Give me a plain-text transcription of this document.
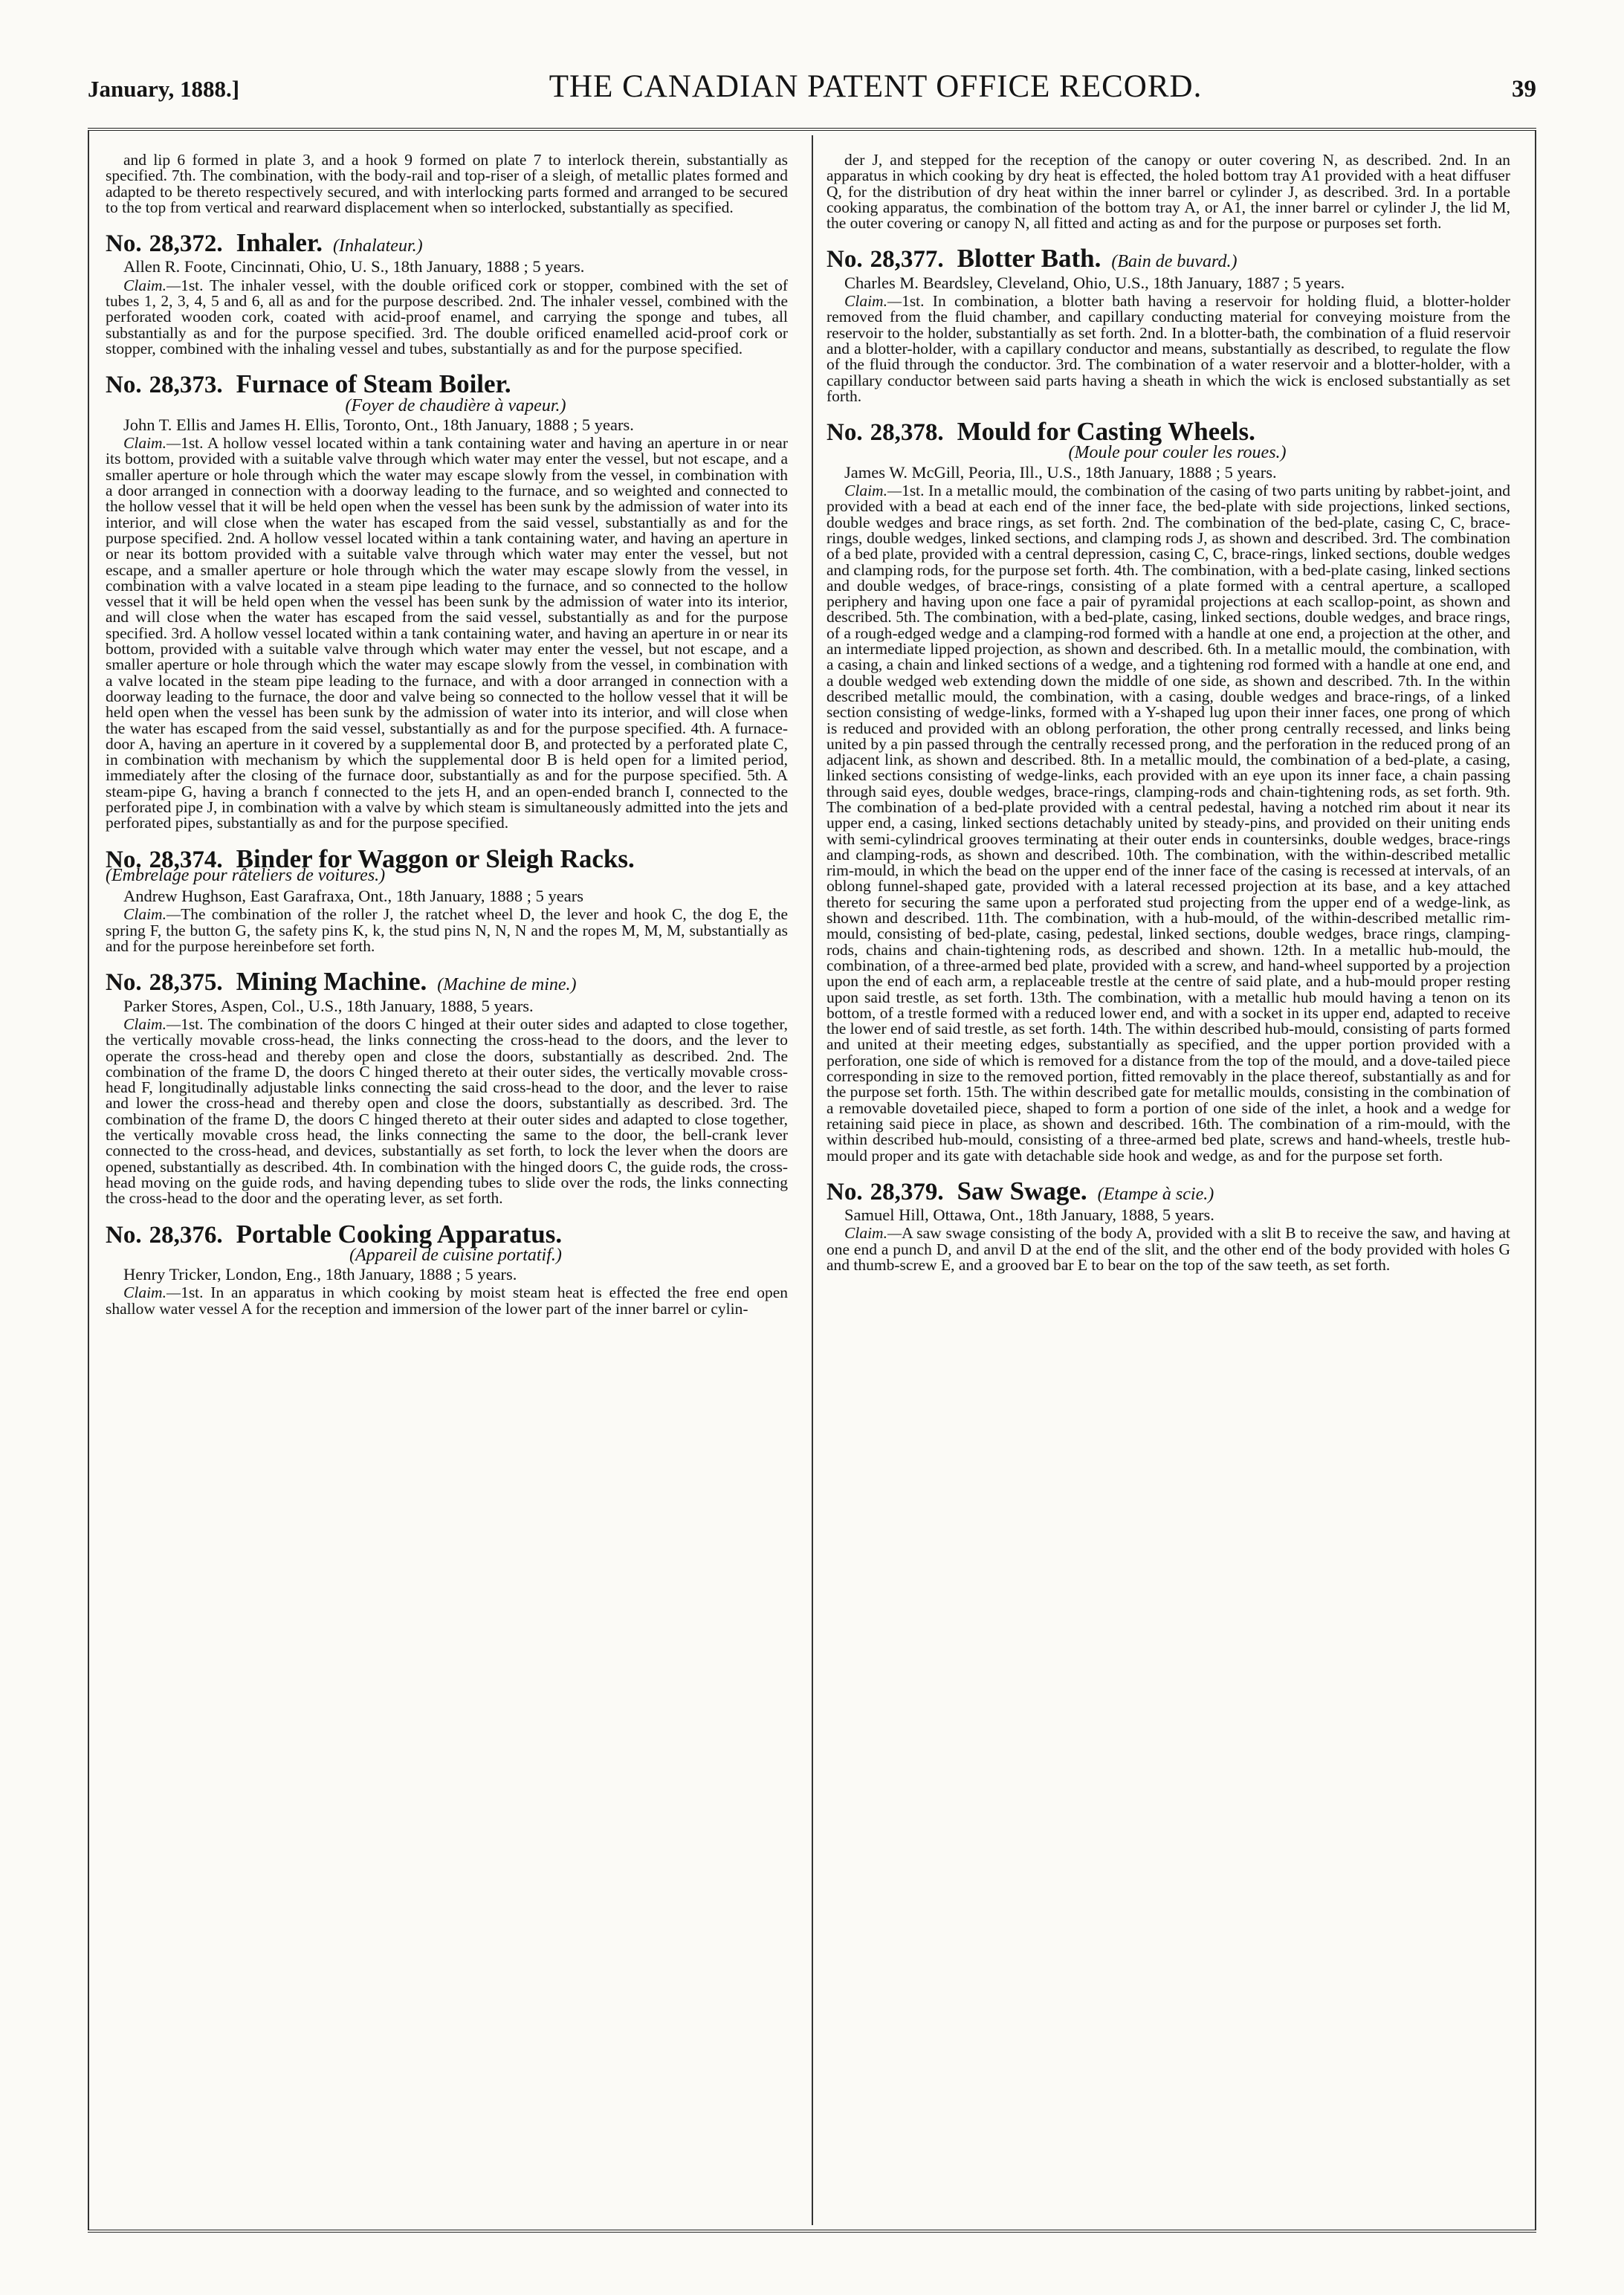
January, 1888.]	THE CANADIAN PATENT OFFICE RECORD.	39

and lip 6 formed in plate 3, and a hook 9 formed on plate 7 to interlock therein, substantially as specified. 7th. The combination, with the body-rail and top-riser of a sleigh, of metallic plates formed and adapted to be thereto respectively secured, and with interlocking parts formed and arranged to be secured to the top from vertical and rearward displacement when so interlocked, substantially as specified.

No. 28,372. Inhaler. (Inhalateur.)

Allen R. Foote, Cincinnati, Ohio, U. S., 18th January, 1888 ; 5 years.

Claim.—1st. The inhaler vessel, with the double orificed cork or stopper, combined with the set of tubes 1, 2, 3, 4, 5 and 6, all as and for the purpose described. 2nd. The inhaler vessel, combined with the perforated wooden cork, coated with acid-proof enamel, and carrying the sponge and tubes, all substantially as and for the purpose specified. 3rd. The double orificed enamelled acid-proof cork or stopper, combined with the inhaling vessel and tubes, substantially as and for the purpose specified.

No. 28,373. Furnace of Steam Boiler.

(Foyer de chaudière à vapeur.)

John T. Ellis and James H. Ellis, Toronto, Ont., 18th January, 1888 ; 5 years.

Claim.—1st. A hollow vessel located within a tank containing water and having an aperture in or near its bottom, provided with a suitable valve through which water may enter the vessel, but not escape, and a smaller aperture or hole through which the water may escape slowly from the vessel, in combination with a door arranged in connection with a doorway leading to the furnace, and so weighted and connected to the hollow vessel that it will be held open when the vessel has been sunk by the admission of water into its interior, and will close when the water has escaped from the said vessel, substantially as and for the purpose specified. 2nd. A hollow vessel located within a tank containing water, and having an aperture in or near its bottom provided with a suitable valve through which water may enter the vessel, but not escape, and a smaller aperture or hole through which the water may escape slowly from the vessel, in combination with a valve located in a steam pipe leading to the furnace, and so connected to the hollow vessel that it will be held open when the vessel has been sunk by the admission of water into its interior, and will close when the water has escaped from the said vessel, substantially as and for the purpose specified. 3rd. A hollow vessel located within a tank containing water, and having an aperture in or near its bottom, provided with a suitable valve through which water may enter the vessel, but not escape, and a smaller aperture or hole through which the water may escape slowly from the vessel, in combination with a valve located in the steam pipe leading to the furnace, and with a door arranged in connection with a doorway leading to the furnace, the door and valve being so connected to the hollow vessel that it will be held open when the vessel has been sunk by the admission of water into its interior, and will close when the water has escaped from the said vessel, substantially as and for the purpose specified. 4th. A furnace-door A, having an aperture in it covered by a supplemental door B, and protected by a perforated plate C, in combination with mechanism by which the supplemental door B is held open for a limited period, immediately after the closing of the furnace door, substantially as and for the purpose specified. 5th. A steam-pipe G, having a branch f connected to the jets H, and an open-ended branch I, connected to the perforated pipe J, in combination with a valve by which steam is simultaneously admitted into the jets and perforated pipes, substantially as and for the purpose specified.

No. 28,374. Binder for Waggon or Sleigh Racks.
(Embrelage pour râteliers de voitures.)

Andrew Hughson, East Garafraxa, Ont., 18th January, 1888 ; 5 years

Claim.—The combination of the roller J, the ratchet wheel D, the lever and hook C, the dog E, the spring F, the button G, the safety pins K, k, the stud pins N, N, N and the ropes M, M, M, substantially as and for the purpose hereinbefore set forth.

No. 28,375. Mining Machine. (Machine de mine.)

Parker Stores, Aspen, Col., U.S., 18th January, 1888, 5 years.

Claim.—1st. The combination of the doors C hinged at their outer sides and adapted to close together, the vertically movable cross-head, the links connecting the cross-head to the doors, and the lever to operate the cross-head and thereby open and close the doors, substantially as described. 2nd. The combination of the frame D, the doors C hinged thereto at their outer sides, the vertically movable cross-head F, longitudinally adjustable links connecting the said cross-head to the door, and the lever to raise and lower the cross-head and thereby open and close the doors, substantially as described. 3rd. The combination of the frame D, the doors C hinged thereto at their outer sides and adapted to close together, the vertically movable cross head, the links connecting the same to the door, the bell-crank lever connected to the cross-head, and devices, substantially as set forth, to lock the lever when the doors are opened, substantially as described. 4th. In combination with the hinged doors C, the guide rods, the cross-head moving on the guide rods, and having depending tubes to slide over the rods, the links connecting the cross-head to the door and the operating lever, as set forth.

No. 28,376. Portable Cooking Apparatus.

(Appareil de cuisine portatif.)

Henry Tricker, London, Eng., 18th January, 1888 ; 5 years.

Claim.—1st. In an apparatus in which cooking by moist steam heat is effected the free end open shallow water vessel A for the reception and immersion of the lower part of the inner barrel or cylin-

der J, and stepped for the reception of the canopy or outer covering N, as described. 2nd. In an apparatus in which cooking by dry heat is effected, the holed bottom tray A1 provided with a heat diffuser Q, for the distribution of dry heat within the inner barrel or cylinder J, as described. 3rd. In a portable cooking apparatus, the combination of the bottom tray A, or A1, the inner barrel or cylinder J, the lid M, the outer covering or canopy N, all fitted and acting as and for the purpose or purposes set forth.

No. 28,377. Blotter Bath. (Bain de buvard.)

Charles M. Beardsley, Cleveland, Ohio, U.S., 18th January, 1887 ; 5 years.

Claim.—1st. In combination, a blotter bath having a reservoir for holding fluid, a blotter-holder removed from the fluid chamber, and capillary conducting material for conveying moisture from the reservoir to the holder, substantially as set forth. 2nd. In a blotter-bath, the combination of a fluid reservoir and a blotter-holder, with a capillary conductor and means, substantially as described, to regulate the flow of the fluid through the conductor. 3rd. The combination of a water reservoir and a blotter-holder, with a capillary conductor between said parts having a sheath in which the wick is enclosed substantially as set forth.

No. 28,378. Mould for Casting Wheels.

(Moule pour couler les roues.)

James W. McGill, Peoria, Ill., U.S., 18th January, 1888 ; 5 years.

Claim.—1st. In a metallic mould, the combination of the casing of two parts uniting by rabbet-joint, and provided with a bead at each end of the inner face, the bed-plate with side projections, linked sections, double wedges and brace rings, as set forth. 2nd. The combination of the bed-plate, casing C, C, brace-rings, double wedges, linked sections, and clamping rods J, as shown and described. 3rd. The combination of a bed plate, provided with a central depression, casing C, C, brace-rings, linked sections, double wedges and clamping rods, for the purpose set forth. 4th. The combination, with a bed-plate casing, linked sections and double wedges, of brace-rings, consisting of a plate formed with a central aperture, a scalloped periphery and having upon one face a pair of pyramidal projections at each scallop-point, as shown and described. 5th. The combination, with a bed-plate, casing, linked sections, double wedges, and brace rings, of a rough-edged wedge and a clamping-rod formed with a handle at one end, a projection at the other, and an intermediate lipped projection, as shown and described. 6th. In a metallic mould, the combination, with a casing, a chain and linked sections of a wedge, and a tightening rod formed with a handle at one end, and a double wedged web extending down the middle of one side, as shown and described. 7th. In the within described metallic mould, the combination, with a casing, double wedges and brace-rings, of a linked section consisting of wedge-links, formed with a Y-shaped lug upon their inner faces, one prong of which is reduced and provided with an oblong perforation, the other prong centrally recessed, and links being united by a pin passed through the centrally recessed prong, and the perforation in the reduced prong of an adjacent link, as shown and described. 8th. In a metallic mould, the combination of a bed-plate, a casing, linked sections consisting of wedge-links, each provided with an eye upon its inner face, a chain passing through said eyes, double wedges, brace-rings, clamping-rods and chain-tightening rods, as set forth. 9th. The combination of a bed-plate provided with a central pedestal, having a notched rim about it near its upper end, a casing, linked sections detachably united by steady-pins, and provided on their uniting ends with semi-cylindrical grooves terminating at their outer ends in countersinks, double wedges, brace-rings and clamping-rods, as shown and described. 10th. The combination, with the within-described metallic rim-mould, in which the bead on the upper end of the inner face of the casing is recessed at intervals, of an oblong funnel-shaped gate, provided with a lateral recessed projection at its base, and a key attached thereto for securing the same upon a perforated stud projecting from the upper end of a wedge-link, as shown and described. 11th. The combination, with a hub-mould, of the within-described metallic rim-mould, consisting of bed-plate, casing, pedestal, linked sections, double wedges, brace rings, clamping-rods, chains and chain-tightening rods, as described and shown. 12th. In a metallic hub-mould, the combination, of a three-armed bed plate, provided with a screw, and hand-wheel supported by a projection upon the end of each arm, a replaceable trestle at the centre of said plate, and a hub-mould proper resting upon said trestle, as set forth. 13th. The combination, with a metallic hub mould having a tenon on its bottom, of a trestle formed with a reduced lower end, and with a socket in its upper end, adapted to receive the lower end of said trestle, as set forth. 14th. The within described hub-mould, consisting of parts formed and united at their meeting edges, substantially as specified, and the upper portion provided with a perforation, one side of which is removed for a distance from the top of the mould, and a dove-tailed piece corresponding in size to the removed portion, fitted removably in the place thereof, substantially as and for the purpose set forth. 15th. The within described gate for metallic moulds, consisting in the combination of a removable dovetailed piece, shaped to form a portion of one side of the inlet, a hook and a wedge for retaining said piece in place, as shown and described. 16th. The combination of a rim-mould, with the within described hub-mould, consisting of a three-armed bed plate, screws and hand-wheels, trestle hub-mould proper and its gate with detachable side hook and wedge, as and for the purpose set forth.

No. 28,379. Saw Swage. (Etampe à scie.)

Samuel Hill, Ottawa, Ont., 18th January, 1888, 5 years.

Claim.—A saw swage consisting of the body A, provided with a slit B to receive the saw, and having at one end a punch D, and anvil D at the end of the slit, and the other end of the body provided with holes G and thumb-screw E, and a grooved bar E to bear on the top of the saw teeth, as set forth.
